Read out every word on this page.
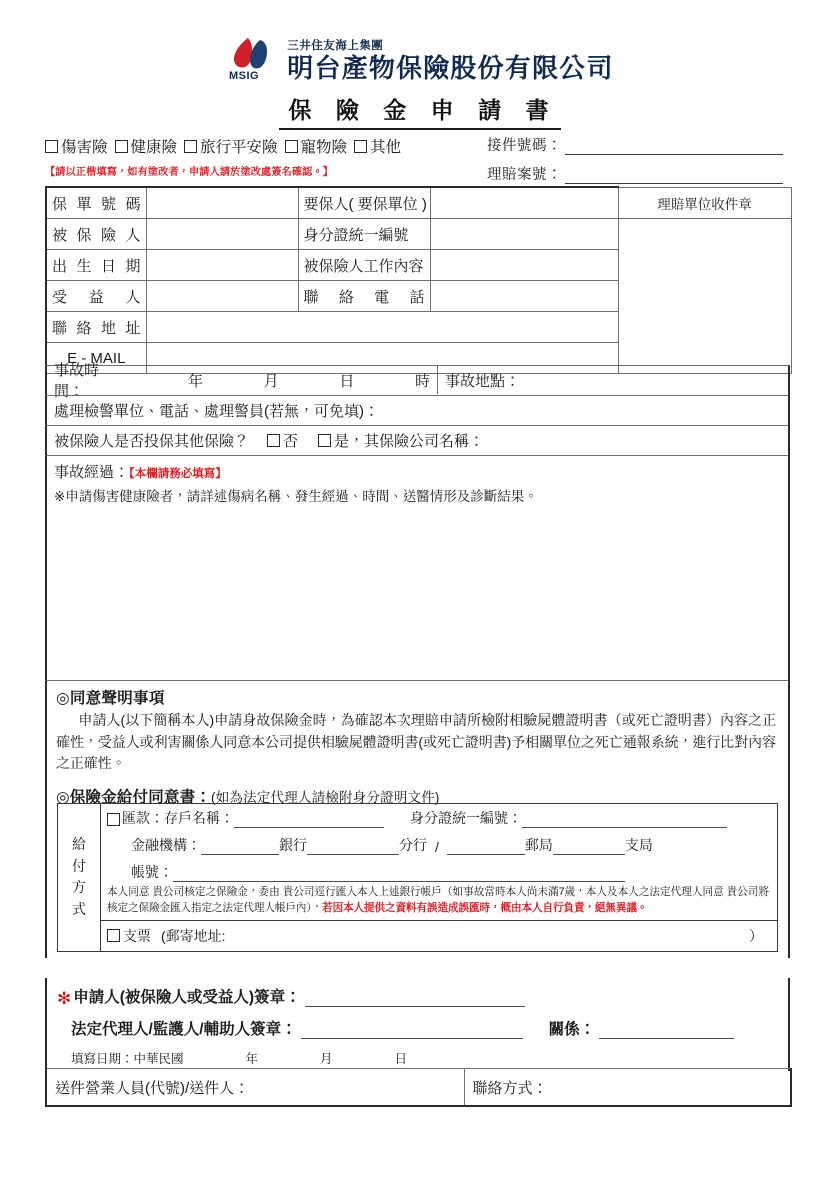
MSIG
三井住友海上集團
明台產物保險股份有限公司
保 險 金 申 請 書
傷害險 健康險 旅行平安險 寵物險 其他
【請以正楷填寫，如有塗改者，申請人請於塗改處簽名確認。】
接件號碼：
理賠案號：
保單號碼		要保人( 要保單位 )		理賠單位收件章
被保險人		身分證統一編號		
出生日期		被保險人工作內容		
受益人		聯絡電話		
聯絡地址				
E - MAIL				
事故時間：
年	月	日	時 事故地點：
處理檢警單位、電話、處理警員(若無，可免填)：
被保險人是否投保其他保險？ 否 是，其保險公司名稱：
事故經過：【本欄請務必填寫】
※申請傷害健康險者，請詳述傷病名稱、發生經過、時間、送醫情形及診斷結果。
◎同意聲明事項
申請人(以下簡稱本人)申請身故保險金時，為確認本次理賠申請所檢附相驗屍體證明書（或死亡證明書）內容之正確性，受益人或利害關係人同意本公司提供相驗屍體證明書(或死亡證明書)予相關單位之死亡通報系統，進行比對內容之正確性。
◎保險金給付同意書：(如為法定代理人請檢附身分證明文件)
給
付
方
式
匯款：存戶名稱：	身分證統一編號：
金融機構：	銀行	分行 /	郵局	支局
帳號：
本人同意 貴公司核定之保險金，委由 貴公司逕行匯入本人上述銀行帳戶（如事故當時本人尚未滿7歲，本人及本人之法定代理人同意 貴公司將核定之保險金匯入指定之法定代理人帳戶內），若因本人提供之資料有誤造成誤匯時，概由本人自行負責，絕無異議。
支票 (郵寄地址:	）
✻ 申請人(被保險人或受益人)簽章：
法定代理人/監護人/輔助人簽章：	關係：
填寫日期：中華民國	年	月	日
送件營業人員(代號)/送件人：	聯絡方式：
